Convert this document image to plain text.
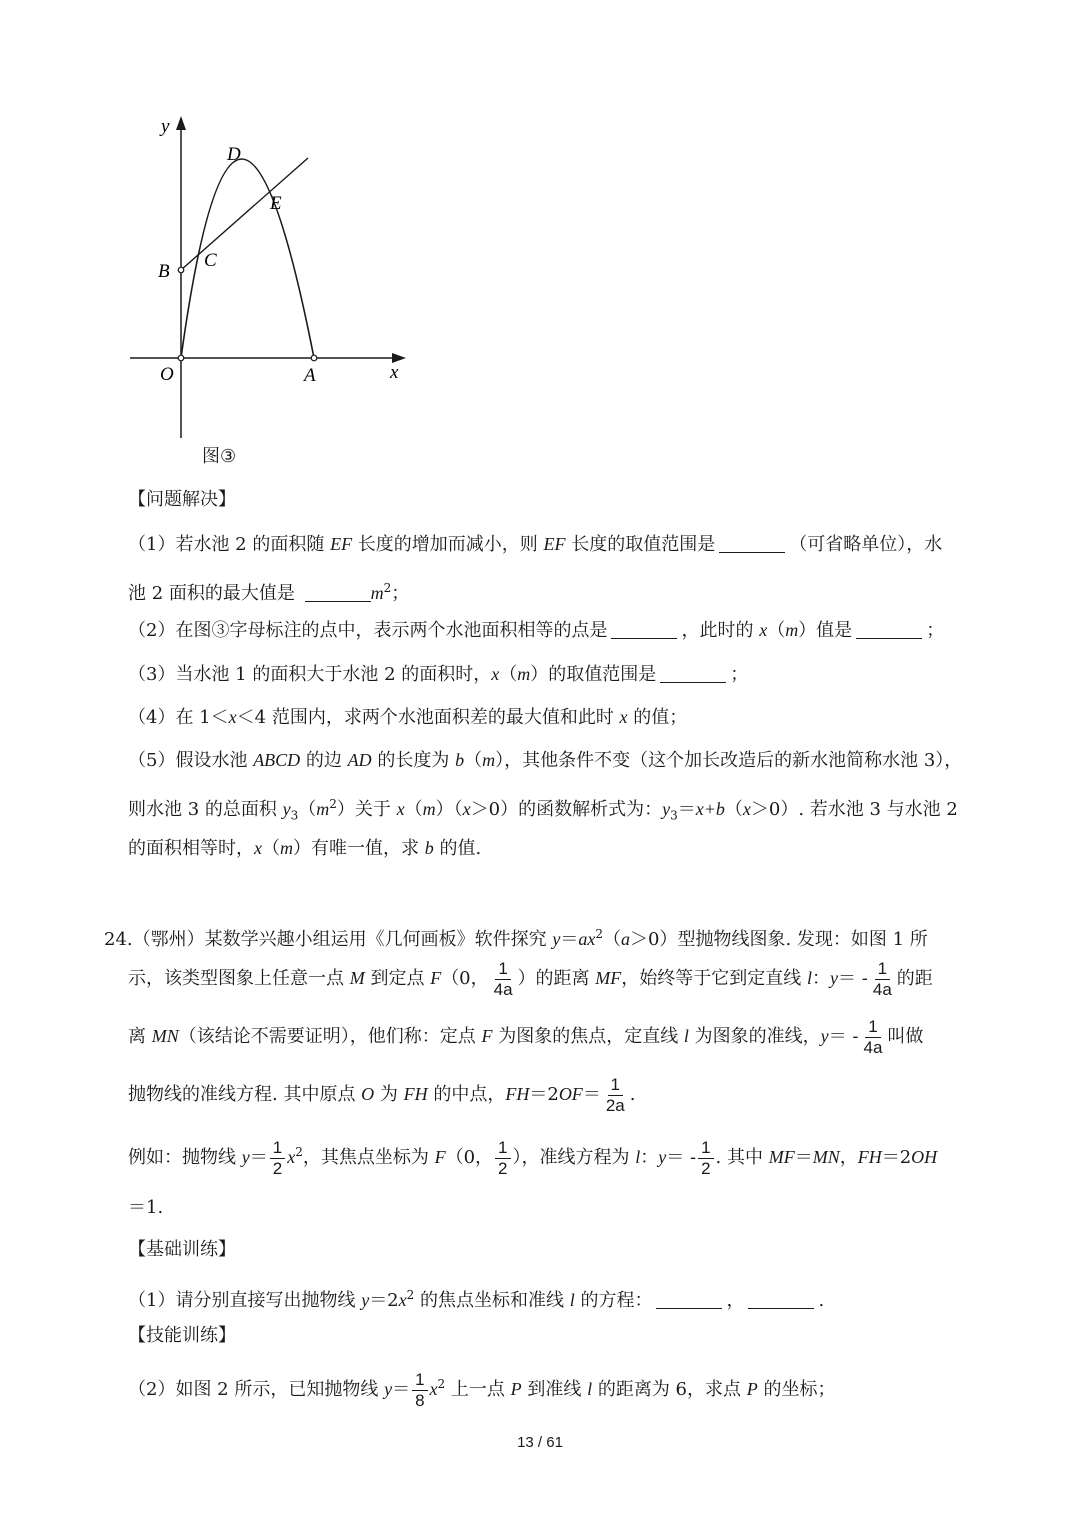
y
x
D
E
B
C
O	A
图③
【问题解决】
（1）若水池 2 的面积随 EF 长度的增加而减小，则 EF 长度的取值范围是	（可省略单位），水
池 2 面积的最大值是	$m^2$；
（2）在图③字母标注的点中，表示两个水池面积相等的点是	，此时的 x（m）值是	；
（3）当水池 1 的面积大于水池 2 的面积时，x（m）的取值范围是	；
（4）在 1＜x＜4 范围内，求两个水池面积差的最大值和此时 x 的值；
（5）假设水池 ABCD 的边 AD 的长度为 b（m），其他条件不变（这个加长改造后的新水池简称水池 3），
则水池 3 的总面积 $y_3(m^2)$关于 x（m）（x＞0）的函数解析式为：$y_3=x+b(x>0)$. 若水池 3 与水池 2
的面积相等时，x（m）有唯一值，求 b 的值.
24.（鄂州）某数学兴趣小组运用《几何画板》软件探究 $y=ax^2(a>0)$型抛物线图象. 发现：如图 1 所
示，该类型图象上任意一点 M 到定点 F（0， $\frac{1}{4a}$ ）的距离 MF，始终等于它到定直线 l：$y= - \frac{1}{4a}$ 的距
离 MN（该结论不需要证明），他们称：定点 F 为图象的焦点，定直线 l 为图象的准线，$y= - \frac{1}{4a}$ 叫做
抛物线的准线方程. 其中原点 O 为 FH 的中点，$FH=2OF= \frac{1}{2a}$ .
例如：抛物线 $y= \frac{1}{2} x^2$，其焦点坐标为 F（0， $\frac{1}{2}$ ），准线方程为 l：$y= - \frac{1}{2}$ . 其中 MF＝MN，FH＝2OH
＝1.
【基础训练】
（1）请分别直接写出抛物线 $y=2x^2$ 的焦点坐标和准线 l 的方程：	，	.
【技能训练】
（2）如图 2 所示，已知抛物线 $y= \frac{1}{8} x^2$ 上一点 P 到准线 l 的距离为 6，求点 P 的坐标；
13 / 61
